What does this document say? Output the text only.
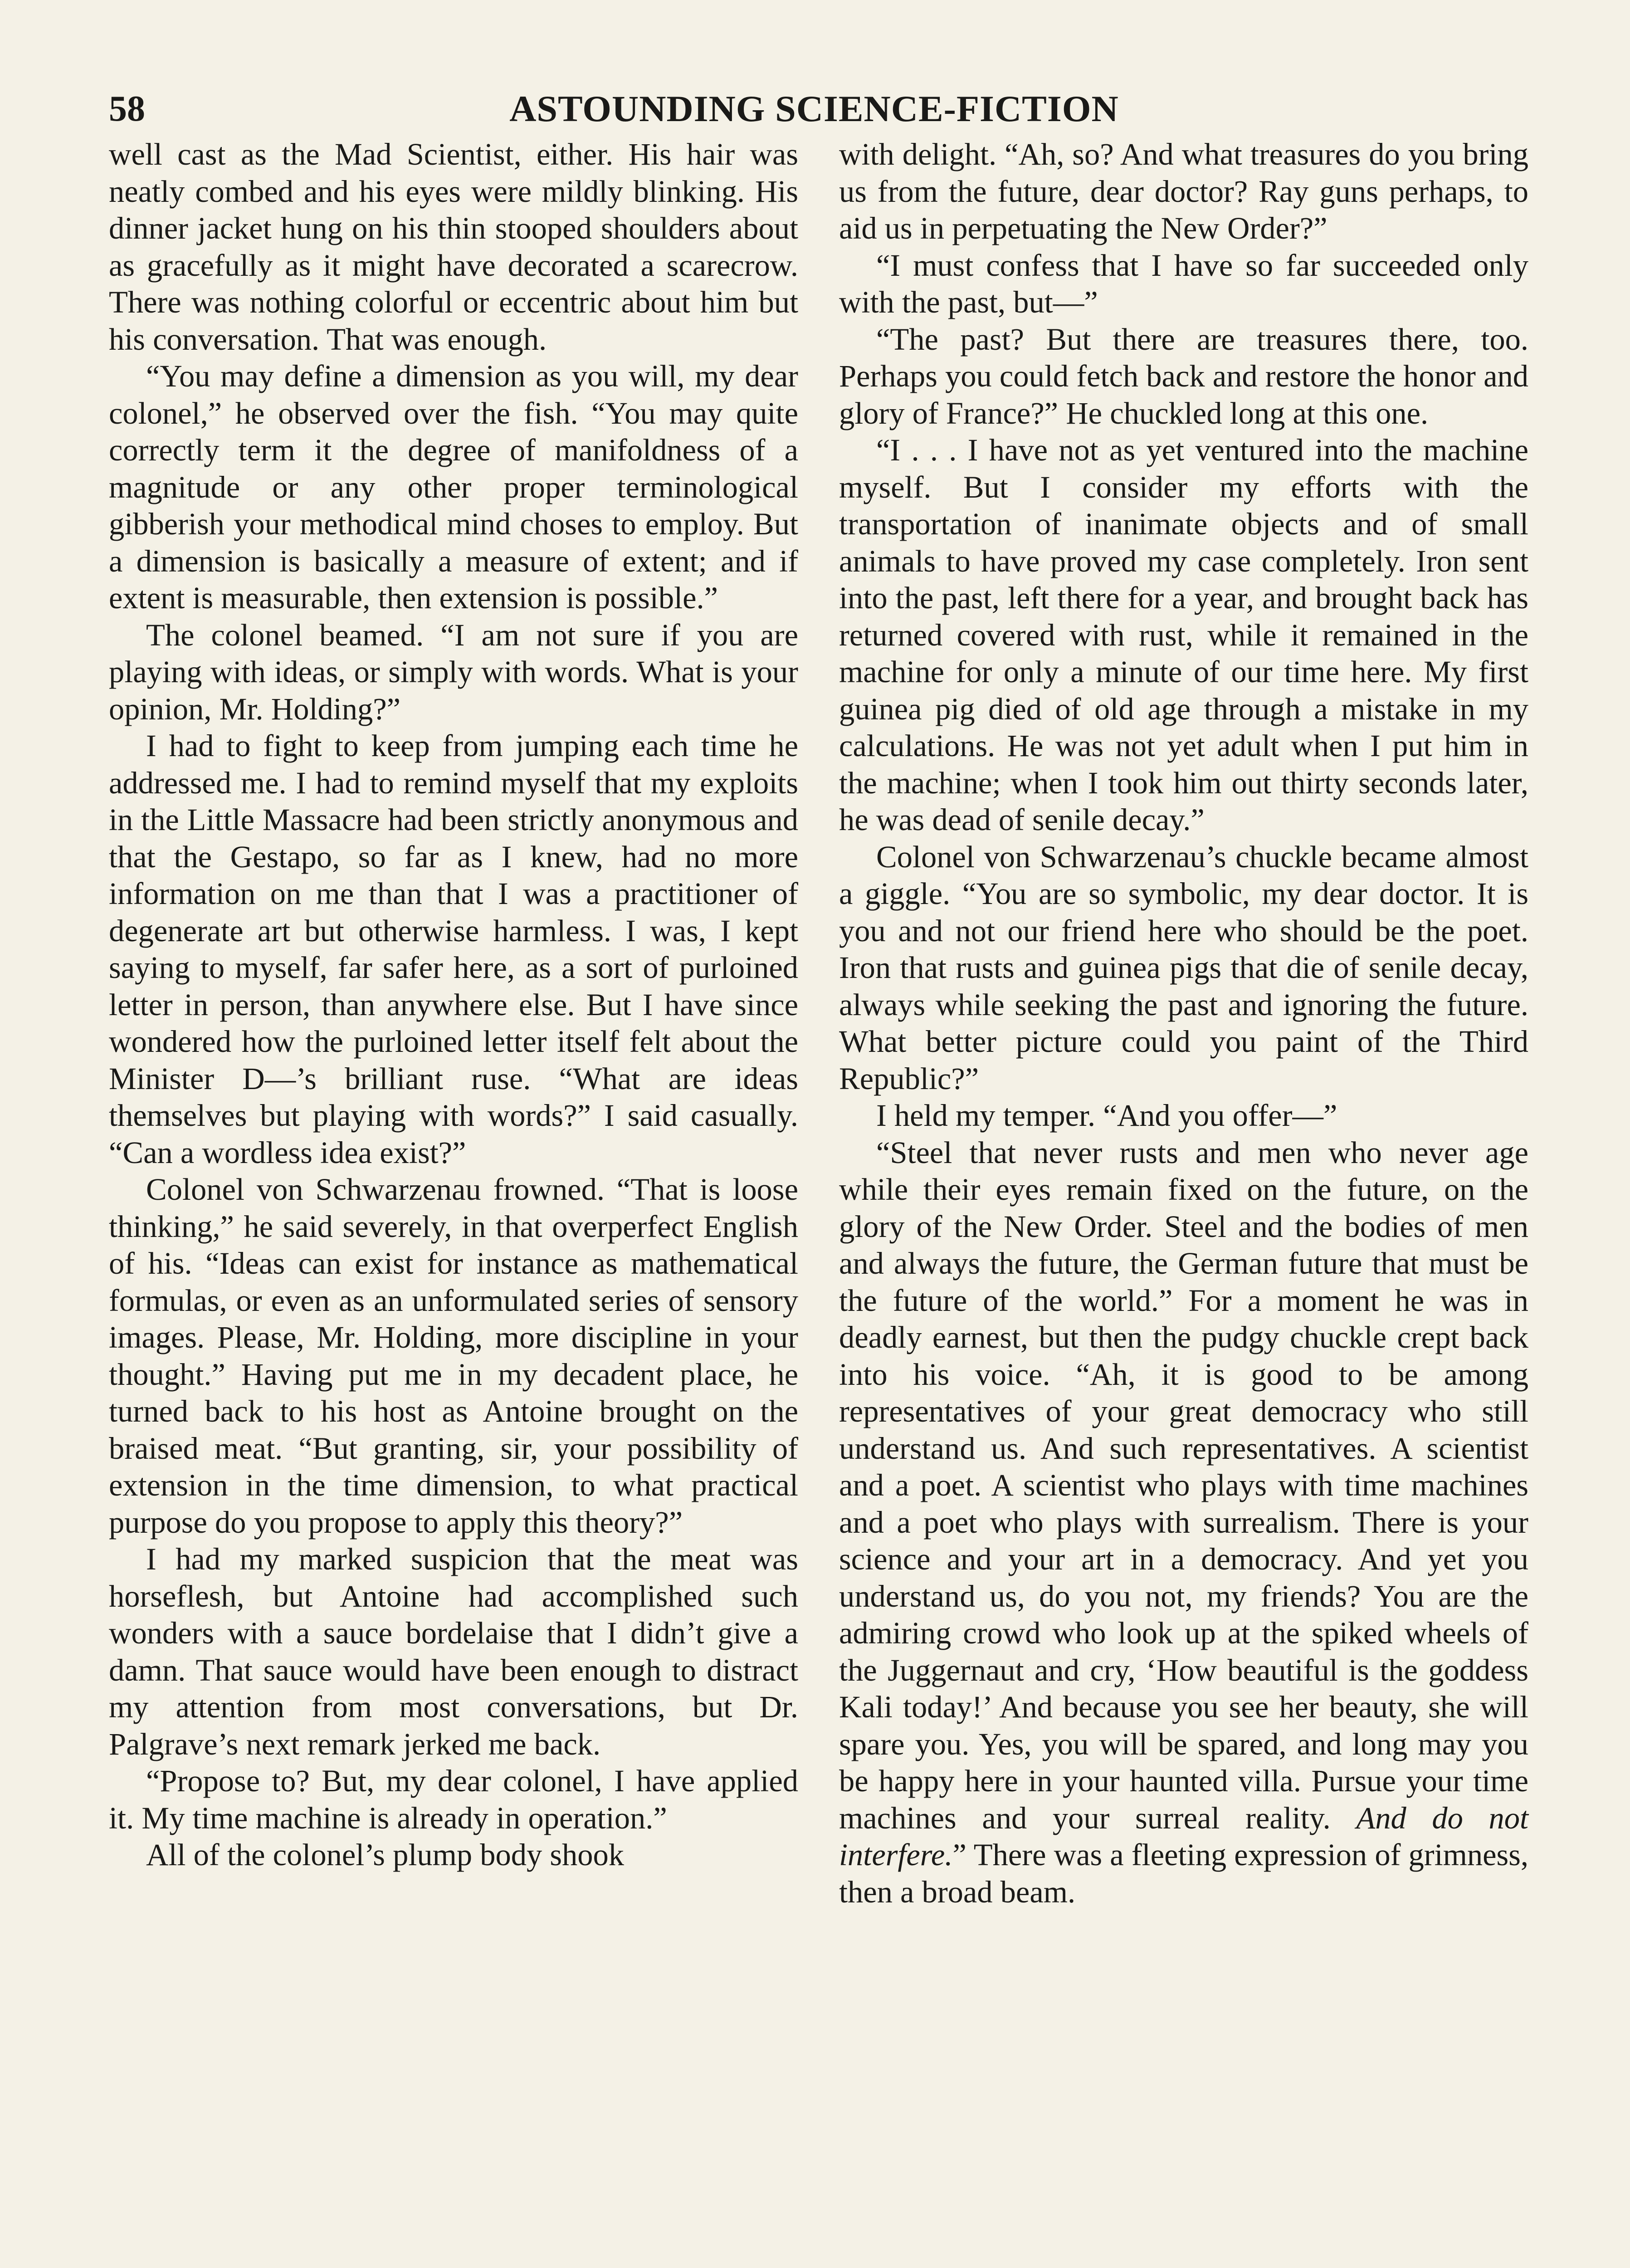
58	ASTOUNDING SCIENCE-FICTION

well cast as the Mad Scientist, either. His hair was neatly combed and his eyes were mildly blinking. His dinner jacket hung on his thin stooped shoulders about as gracefully as it might have decorated a scarecrow. There was nothing colorful or eccentric about him but his conversation. That was enough.

“You may define a dimension as you will, my dear colonel,” he observed over the fish. “You may quite correctly term it the degree of manifoldness of a magnitude or any other proper terminological gibberish your methodical mind choses to employ. But a dimension is basically a measure of extent; and if extent is measurable, then extension is possible.”

The colonel beamed. “I am not sure if you are playing with ideas, or simply with words. What is your opinion, Mr. Holding?”

I had to fight to keep from jumping each time he addressed me. I had to remind myself that my exploits in the Little Massacre had been strictly anonymous and that the Gestapo, so far as I knew, had no more information on me than that I was a practitioner of degenerate art but otherwise harmless. I was, I kept saying to myself, far safer here, as a sort of purloined letter in person, than anywhere else. But I have since wondered how the purloined letter itself felt about the Minister D—’s brilliant ruse. “What are ideas themselves but playing with words?” I said casually. “Can a wordless idea exist?”

Colonel von Schwarzenau frowned. “That is loose thinking,” he said severely, in that overperfect English of his. “Ideas can exist for instance as mathematical formulas, or even as an unformulated series of sensory images. Please, Mr. Holding, more discipline in your thought.” Having put me in my decadent place, he turned back to his host as Antoine brought on the braised meat. “But granting, sir, your possibility of extension in the time dimension, to what practical purpose do you propose to apply this theory?”

I had my marked suspicion that the meat was horseflesh, but Antoine had accomplished such wonders with a sauce bordelaise that I didn’t give a damn. That sauce would have been enough to distract my attention from most conversations, but Dr. Palgrave’s next remark jerked me back.

“Propose to? But, my dear colonel, I have applied it. My time machine is already in operation.”

All of the colonel’s plump body shook

with delight. “Ah, so? And what treasures do you bring us from the future, dear doctor? Ray guns perhaps, to aid us in perpetuating the New Order?”

“I must confess that I have so far succeeded only with the past, but—”

“The past? But there are treasures there, too. Perhaps you could fetch back and restore the honor and glory of France?” He chuckled long at this one.

“I . . . I have not as yet ventured into the machine myself. But I consider my efforts with the transportation of inanimate objects and of small animals to have proved my case completely. Iron sent into the past, left there for a year, and brought back has returned covered with rust, while it remained in the machine for only a minute of our time here. My first guinea pig died of old age through a mistake in my calculations. He was not yet adult when I put him in the machine; when I took him out thirty seconds later, he was dead of senile decay.”

Colonel von Schwarzenau’s chuckle became almost a giggle. “You are so symbolic, my dear doctor. It is you and not our friend here who should be the poet. Iron that rusts and guinea pigs that die of senile decay, always while seeking the past and ignoring the future. What better picture could you paint of the Third Republic?”

I held my temper. “And you offer—”

“Steel that never rusts and men who never age while their eyes remain fixed on the future, on the glory of the New Order. Steel and the bodies of men and always the future, the German future that must be the future of the world.” For a moment he was in deadly earnest, but then the pudgy chuckle crept back into his voice. “Ah, it is good to be among representatives of your great democracy who still understand us. And such representatives. A scientist and a poet. A scientist who plays with time machines and a poet who plays with surrealism. There is your science and your art in a democracy. And yet you understand us, do you not, my friends? You are the admiring crowd who look up at the spiked wheels of the Juggernaut and cry, ‘How beautiful is the goddess Kali today!’ And because you see her beauty, she will spare you. Yes, you will be spared, and long may you be happy here in your haunted villa. Pursue your time machines and your surreal reality. And do not interfere.” There was a fleeting expression of grimness, then a broad beam.
